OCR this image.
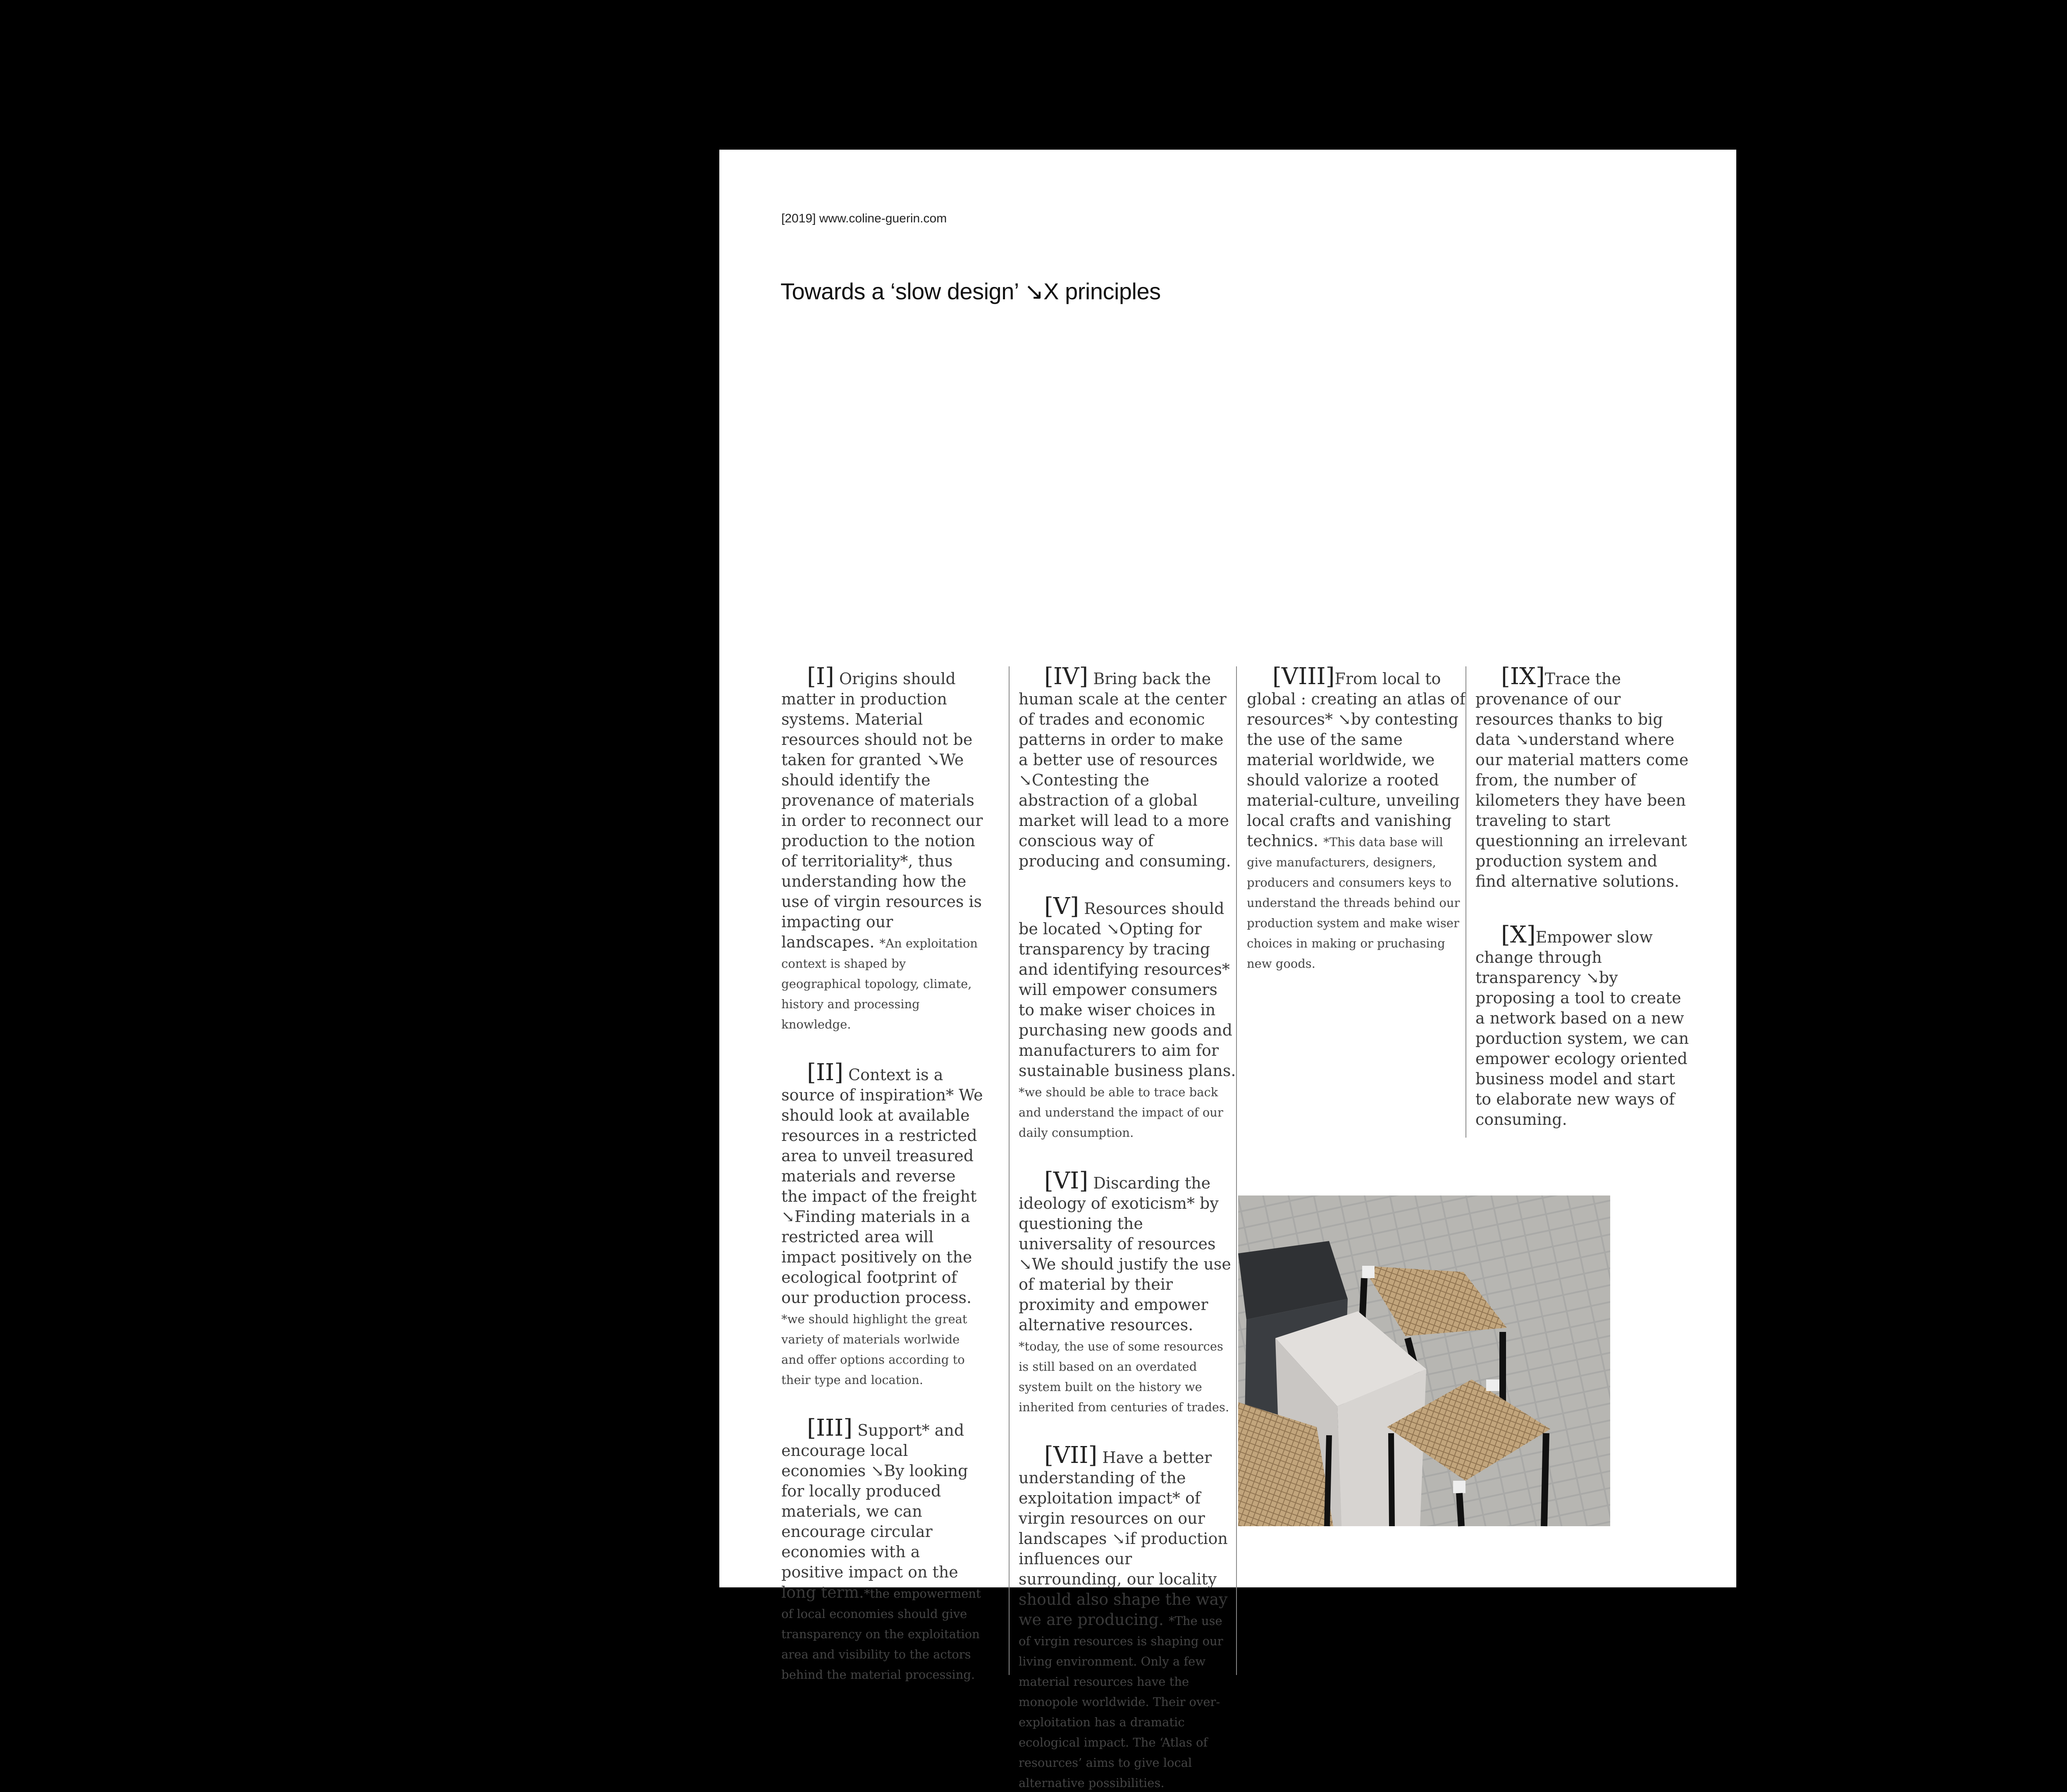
[2019] www.coline-guerin.com
Towards a ‘slow design’ ↘X principles

[I] Origins should matter in production systems. Material resources should not be taken for granted ↘We should identify the provenance of materials in order to reconnect our production to the notion of territoriality*, thus understanding how the use of virgin resources is impacting our landscapes. *An exploitation context is shaped by geographical topology, climate, history and processing knowledge.

[II] Context is a source of inspiration* We should look at available resources in a restricted area to unveil treasured materials and reverse the impact of the freight ↘Finding materials in a restricted area will impact positively on the ecological footprint of our production process. *we should highlight the great variety of materials worlwide and offer options according to their type and location.

[III] Support* and encourage local economies ↘By looking for locally produced materials, we can encourage circular economies with a positive impact on the long term.*the empowerment of local economies should give transparency on the exploitation area and visibility to the actors behind the material processing.

[IV] Bring back the human scale at the center of trades and economic patterns in order to make a better use of resources ↘Contesting the abstraction of a global market will lead to a more conscious way of producing and consuming.

[V] Resources should be located ↘Opting for transparency by tracing and identifying resources* will empower consumers to make wiser choices in purchasing new goods and manufacturers to aim for sustainable business plans. *we should be able to trace back and understand the impact of our daily consumption.

[VI] Discarding the ideology of exoticism* by questioning the universality of resources ↘We should justify the use of material by their proximity and empower alternative resources. *today, the use of some resources is still based on an overdated system built on the history we inherited from centuries of trades.

[VII] Have a better understanding of the exploitation impact* of virgin resources on our landscapes ↘if production influences our surrounding, our locality should also shape the way we are producing. *The use of virgin resources is shaping our living environment. Only a few material resources have the monopole worldwide. Their over-exploitation has a dramatic ecological impact. The ‘Atlas of resources’ aims to give local alternative possibilities.

[VIII]From local to global : creating an atlas of resources* ↘by contesting the use of the same material worldwide, we should valorize a rooted material-culture, unveiling local crafts and vanishing technics. *This data base will give manufacturers, designers, producers and consumers keys to understand the threads behind our production system and make wiser choices in making or pruchasing new goods.

[IX]Trace the provenance of our resources thanks to big data ↘understand where our material matters come from, the number of kilometers they have been traveling to start questionning an irrelevant production system and find alternative solutions.

[X]Empower slow change through transparency ↘by proposing a tool to create a network based on a new porduction system, we can empower ecology oriented business model and start to elaborate new ways of consuming.
